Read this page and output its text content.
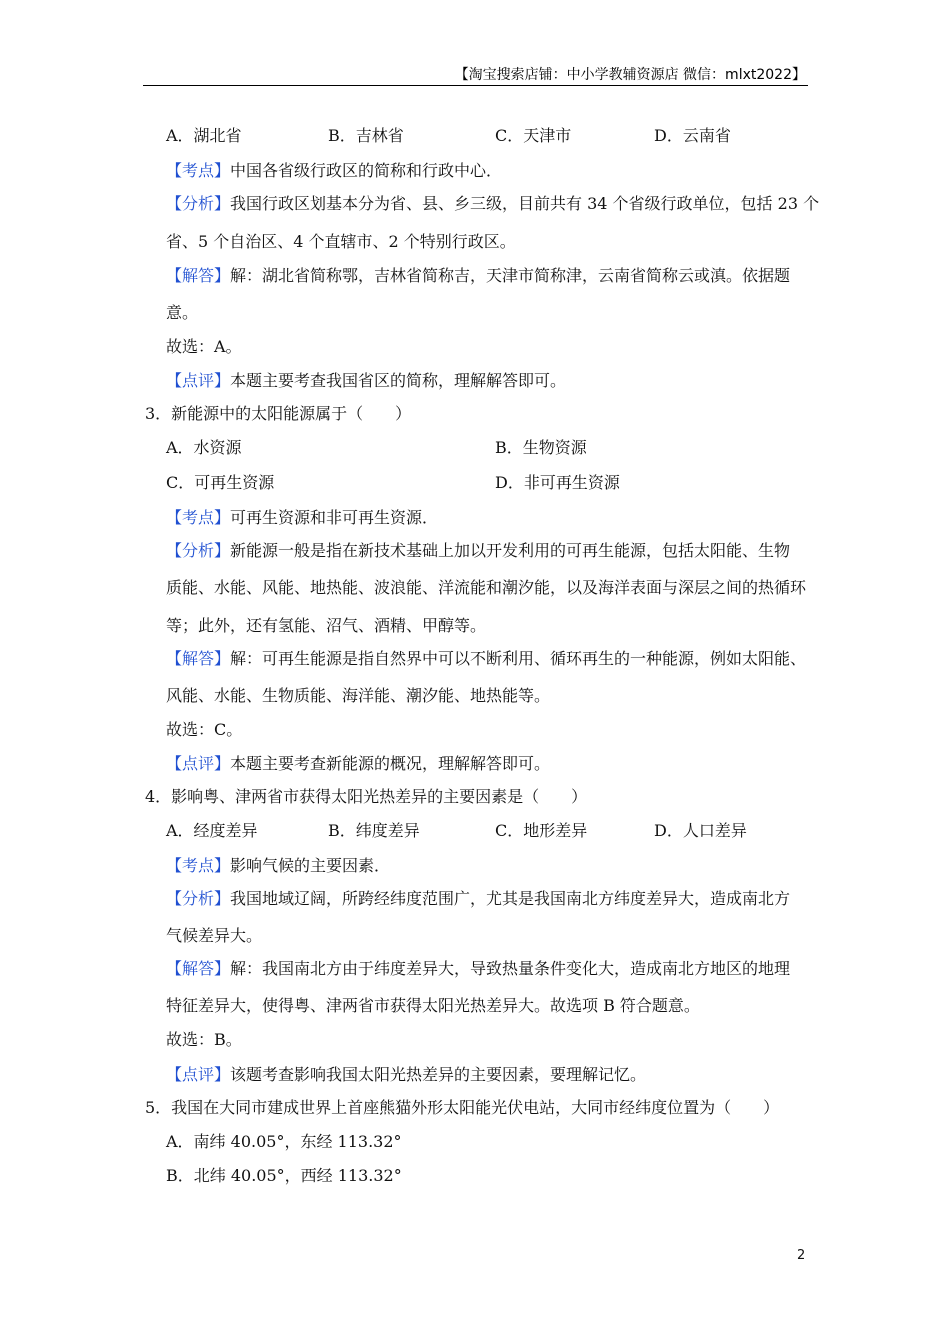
【淘宝搜索店铺：中小学教辅资源店 微信：mlxt2022】
A．湖北省	B．吉林省	C．天津市	D．云南省
【考点】中国各省级行政区的简称和行政中心．
【分析】我国行政区划基本分为省、县、乡三级，目前共有 34 个省级行政单位，包括 23 个
省、5 个自治区、4 个直辖市、2 个特别行政区。
【解答】解：湖北省简称鄂，吉林省简称吉，天津市简称津，云南省简称云或滇。依据题
意。
故选：A。
【点评】本题主要考查我国省区的简称，理解解答即可。
3．新能源中的太阳能源属于（　　）
A．水资源	B．生物资源
C．可再生资源	D．非可再生资源
【考点】可再生资源和非可再生资源．
【分析】新能源一般是指在新技术基础上加以开发利用的可再生能源，包括太阳能、生物
质能、水能、风能、地热能、波浪能、洋流能和潮汐能，以及海洋表面与深层之间的热循环
等；此外，还有氢能、沼气、酒精、甲醇等。
【解答】解：可再生能源是指自然界中可以不断利用、循环再生的一种能源，例如太阳能、
风能、水能、生物质能、海洋能、潮汐能、地热能等。
故选：C。
【点评】本题主要考查新能源的概况，理解解答即可。
4．影响粤、津两省市获得太阳光热差异的主要因素是（　　）
A．经度差异	B．纬度差异	C．地形差异	D．人口差异
【考点】影响气候的主要因素．
【分析】我国地域辽阔，所跨经纬度范围广，尤其是我国南北方纬度差异大，造成南北方
气候差异大。
【解答】解：我国南北方由于纬度差异大，导致热量条件变化大，造成南北方地区的地理
特征差异大，使得粤、津两省市获得太阳光热差异大。故选项 B 符合题意。
故选：B。
【点评】该题考查影响我国太阳光热差异的主要因素，要理解记忆。
5．我国在大同市建成世界上首座熊猫外形太阳能光伏电站，大同市经纬度位置为（　　）
A．南纬 40.05°，东经 113.32°
B．北纬 40.05°，西经 113.32°
2
